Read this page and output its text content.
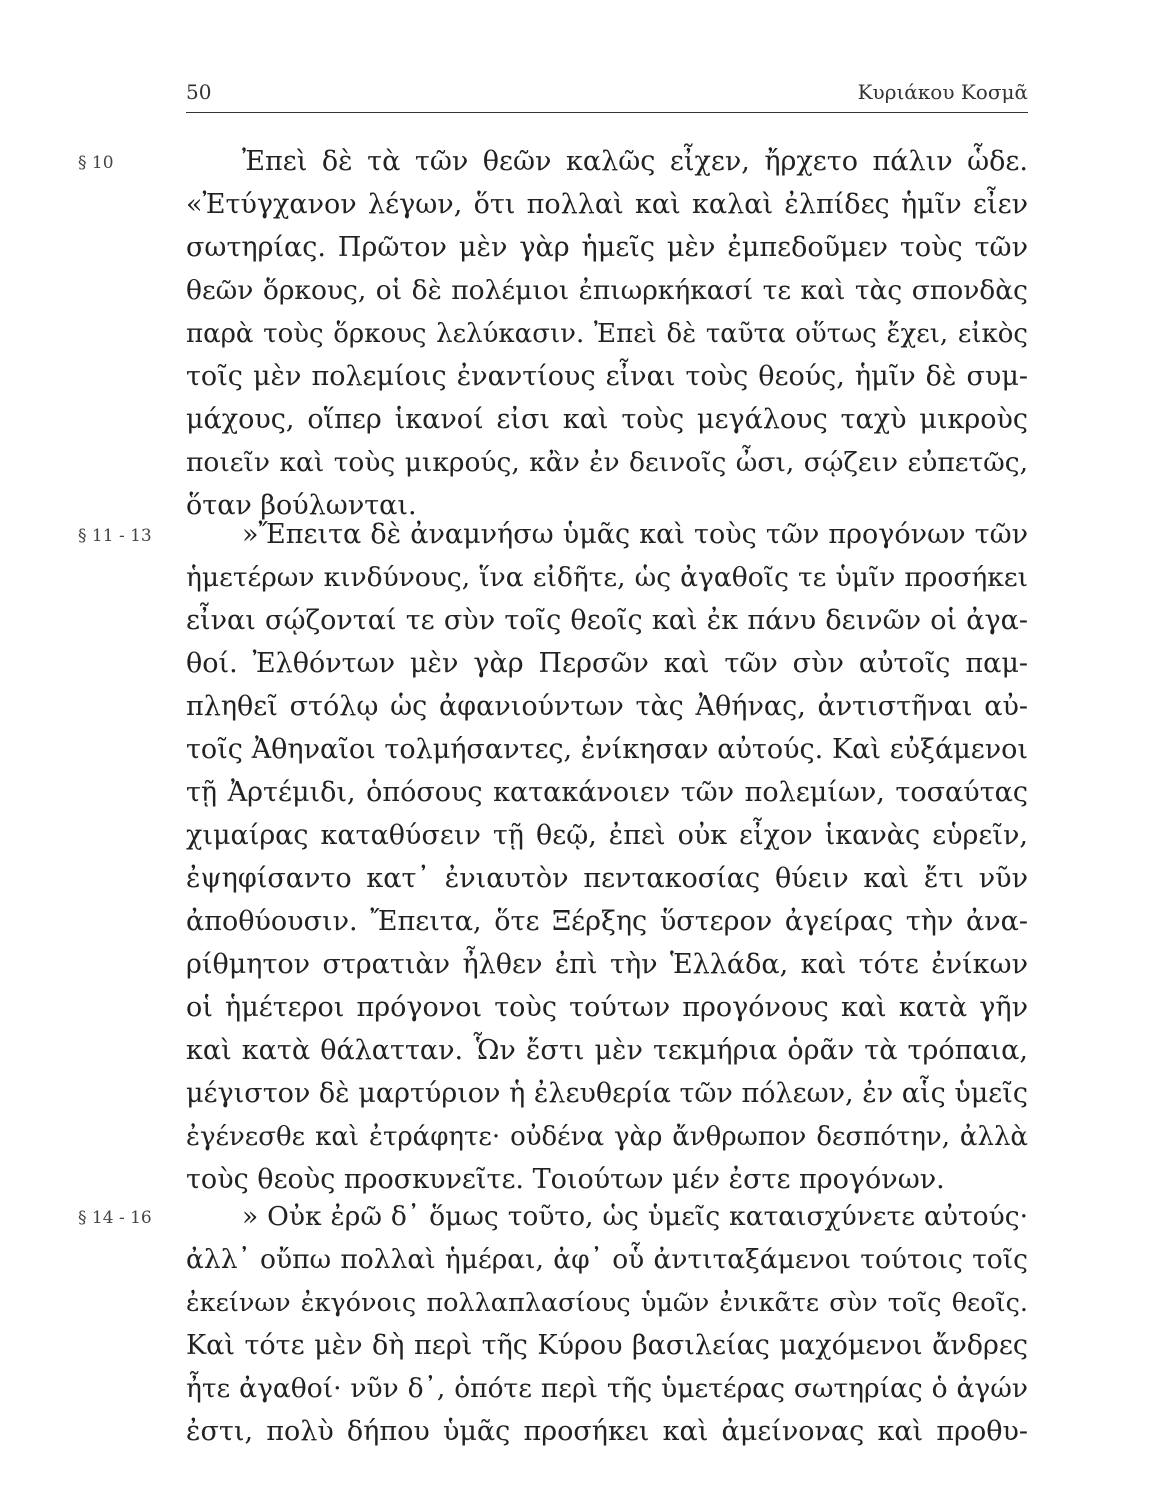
50	Κυριάκου Κοσμᾶ
§ 10	Ἐπεὶ δὲ τὰ τῶν θεῶν καλῶς εἶχεν, ἤρχετο πάλιν ὧδε.
«Ἐτύγχανον λέγων, ὅτι πολλαὶ καὶ καλαὶ ἐλπίδες ἡμῖν εἶεν
σωτηρίας. Πρῶτον μὲν γὰρ ἡμεῖς μὲν ἐμπεδοῦμεν τοὺς τῶν
θεῶν ὅρκους, οἱ δὲ πολέμιοι ἐπιωρκήκασί τε καὶ τὰς σπονδὰς
παρὰ τοὺς ὅρκους λελύκασιν. Ἐπεὶ δὲ ταῦτα οὕτως ἔχει, εἰκὸς
τοῖς μὲν πολεμίοις ἐναντίους εἶναι τοὺς θεούς, ἡμῖν δὲ συμ-
μάχους, οἵπερ ἱκανοί εἰσι καὶ τοὺς μεγάλους ταχὺ μικροὺς
ποιεῖν καὶ τοὺς μικρούς, κἂν ἐν δεινοῖς ὦσι, σῴζειν εὐπετῶς,
ὅταν βούλωνται.
§ 11 - 13	»Ἔπειτα δὲ ἀναμνήσω ὑμᾶς καὶ τοὺς τῶν προγόνων τῶν
ἡμετέρων κινδύνους, ἵνα εἰδῆτε, ὡς ἀγαθοῖς τε ὑμῖν προσήκει
εἶναι σῴζονταί τε σὺν τοῖς θεοῖς καὶ ἐκ πάνυ δεινῶν οἱ ἀγα-
θοί. Ἐλθόντων μὲν γὰρ Περσῶν καὶ τῶν σὺν αὐτοῖς παμ-
πληθεῖ στόλῳ ὡς ἀφανιούντων τὰς Ἀθήνας, ἀντιστῆναι αὐ-
τοῖς Ἀθηναῖοι τολμήσαντες, ἐνίκησαν αὐτούς. Καὶ εὐξάμενοι
τῇ Ἀρτέμιδι, ὁπόσους κατακάνοιεν τῶν πολεμίων, τοσαύτας
χιμαίρας καταθύσειν τῇ θεῷ, ἐπεὶ οὐκ εἶχον ἱκανὰς εὑρεῖν,
ἐψηφίσαντο κατ᾽ ἐνιαυτὸν πεντακοσίας θύειν καὶ ἔτι νῦν
ἀποθύουσιν. Ἔπειτα, ὅτε Ξέρξης ὕστερον ἀγείρας τὴν ἀνα-
ρίθμητον στρατιὰν ἦλθεν ἐπὶ τὴν Ἑλλάδα, καὶ τότε ἐνίκων
οἱ ἡμέτεροι πρόγονοι τοὺς τούτων προγόνους καὶ κατὰ γῆν
καὶ κατὰ θάλατταν. Ὧν ἔστι μὲν τεκμήρια ὁρᾶν τὰ τρόπαια,
μέγιστον δὲ μαρτύριον ἡ ἐλευθερία τῶν πόλεων, ἐν αἷς ὑμεῖς
ἐγένεσθε καὶ ἐτράφητε· οὐδένα γὰρ ἄνθρωπον δεσπότην, ἀλλὰ
τοὺς θεοὺς προσκυνεῖτε. Τοιούτων μέν ἐστε προγόνων.
§ 14 - 16	» Οὐκ ἐρῶ δ᾽ ὅμως τοῦτο, ὡς ὑμεῖς καταισχύνετε αὐτούς·
ἀλλ᾽ οὔπω πολλαὶ ἡμέραι, ἀφ᾽ οὗ ἀντιταξάμενοι τούτοις τοῖς
ἐκείνων ἐκγόνοις πολλαπλασίους ὑμῶν ἐνικᾶτε σὺν τοῖς θεοῖς.
Καὶ τότε μὲν δὴ περὶ τῆς Κύρου βασιλείας μαχόμενοι ἄνδρες
ἦτε ἀγαθοί· νῦν δ᾽, ὁπότε περὶ τῆς ὑμετέρας σωτηρίας ὁ ἀγών
ἐστι, πολὺ δήπου ὑμᾶς προσήκει καὶ ἀμείνονας καὶ προθυ-
